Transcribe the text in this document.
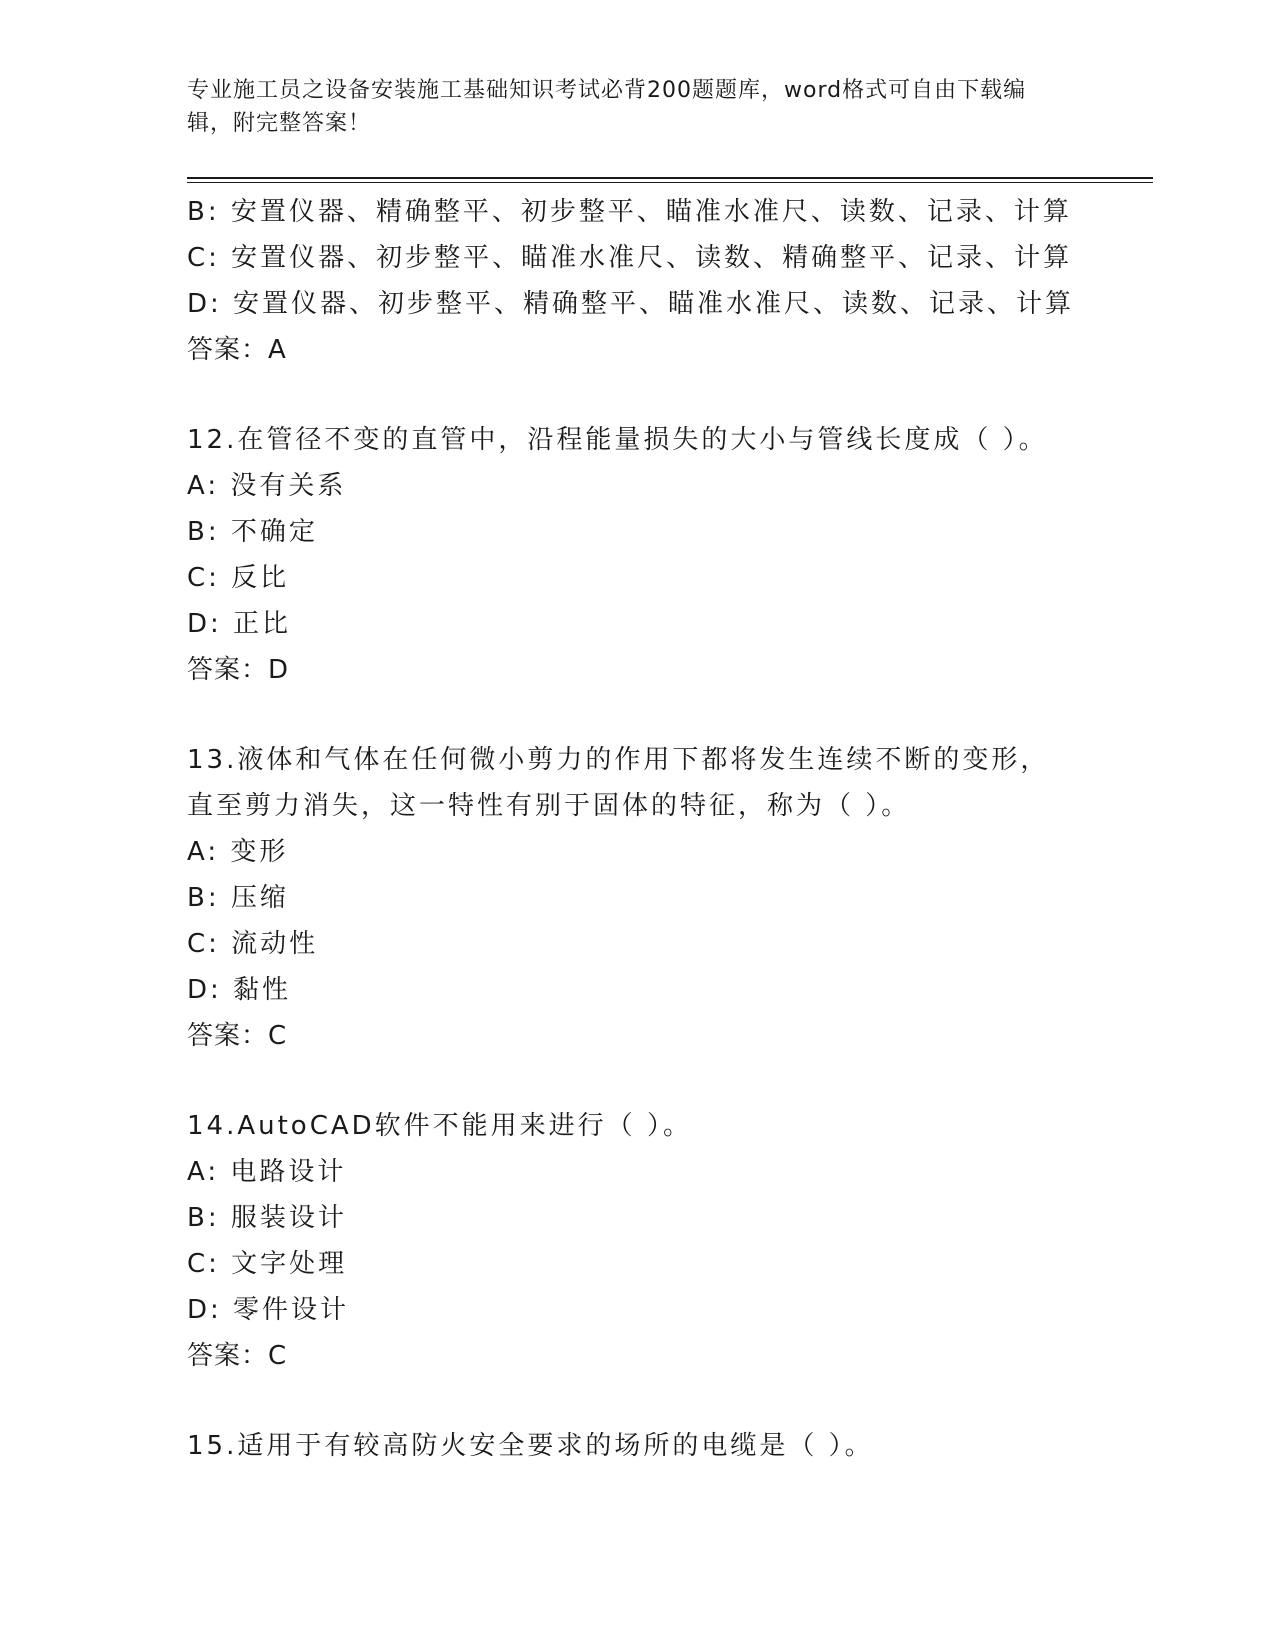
专业施工员之设备安装施工基础知识考试必背200题题库，word格式可自由下载编辑，附完整答案！
B: 安置仪器、精确整平、初步整平、瞄准水准尺、读数、记录、计算
C: 安置仪器、初步整平、瞄准水准尺、读数、精确整平、记录、计算
D: 安置仪器、初步整平、精确整平、瞄准水准尺、读数、记录、计算
答案：A
12.在管径不变的直管中，沿程能量损失的大小与管线长度成（ ）。
A: 没有关系
B: 不确定
C: 反比
D: 正比
答案：D
13.液体和气体在任何微小剪力的作用下都将发生连续不断的变形，直至剪力消失，这一特性有别于固体的特征，称为（ ）。
A: 变形
B: 压缩
C: 流动性
D: 黏性
答案：C
14.AutoCAD软件不能用来进行（ ）。
A: 电路设计
B: 服装设计
C: 文字处理
D: 零件设计
答案：C
15.适用于有较高防火安全要求的场所的电缆是（ ）。
